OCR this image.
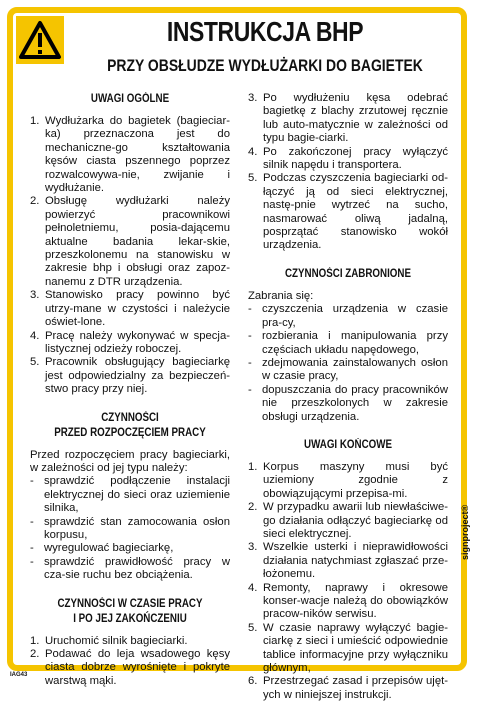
INSTRUKCJA BHP
PRZY OBSŁUDZE WYDŁUŻARKI DO BAGIETEK
UWAGI OGÓLNE
1. Wydłużarka do bagietek (bagieciar-ka) przeznaczona jest do mechaniczne-go kształtowania kęsów ciasta pszennego poprzez rozwalcowywa-nie, zwijanie i wydłużanie.
2. Obsługę wydłużarki należy powierzyć pracownikowi pełnoletniemu, posia-dającemu aktualne badania lekar-skie, przeszkolonemu na stanowisku w zakresie bhp i obsługi oraz zapoz-nanemu z DTR urządzenia.
3. Stanowisko pracy powinno być utrzy-mane w czystości i należycie oświet-lone.
4. Pracę należy wykonywać w specja-listycznej odzieży roboczej.
5. Pracownik obsługujący bagieciarkę jest odpowiedzialny za bezpieczeń-stwo pracy przy niej.
CZYNNOŚCI
PRZED ROZPOCZĘCIEM PRACY

Przed rozpoczęciem pracy bagieciarki, w zależności od jej typu należy:

- sprawdzić podłączenie instalacji elektrycznej do sieci oraz uziemienie silnika,
- sprawdzić stan zamocowania osłon korpusu,
- wyregulować bagieciarkę,
- sprawdzić prawidłowość pracy w cza-sie ruchu bez obciążenia.
CZYNNOŚCI W CZASIE PRACY
I PO JEJ ZAKOŃCZENIU
1. Uruchomić silnik bagieciarki.
2. Podawać do leja wsadowego kęsy ciasta dobrze wyrośnięte i pokryte warstwą mąki.
3. Po wydłużeniu kęsa odebrać bagietkę z blachy zrzutowej ręcznie lub auto-matycznie w zależności od typu bagie-ciarki.
4. Po zakończonej pracy wyłączyć silnik napędu i transportera.
5. Podczas czyszczenia bagieciarki od-łączyć ją od sieci elektrycznej, nastę-pnie wytrzeć na sucho, nasmarować oliwą jadalną, posprzątać stanowisko wokół urządzenia.
CZYNNOŚCI ZABRONIONE

Zabrania się:

- czyszczenia urządzenia w czasie pra-cy,
- rozbierania i manipulowania przy częściach układu napędowego,
- zdejmowania zainstalowanych osłon w czasie pracy,
- dopuszczania do pracy pracowników nie przeszkolonych w zakresie obsługi urządzenia.
UWAGI KOŃCOWE
1. Korpus maszyny musi być uziemiony zgodnie z obowiązującymi przepisa-mi.
2. W przypadku awarii lub niewłaściwe-go działania odłączyć bagieciarkę od sieci elektrycznej.
3. Wszelkie usterki i nieprawidłowości działania natychmiast zgłaszać prze-łożonemu.
4. Remonty, naprawy i okresowe konser-wacje należą do obowiązków pracow-ników serwisu.
5. W czasie naprawy wyłączyć bagie-ciarkę z sieci i umieścić odpowiednie tablice informacyjne przy wyłączniku głównym,
6. Przestrzegać zasad i przepisów ujęt-ych w niniejszej instrukcji.
IAG43
signproject®
